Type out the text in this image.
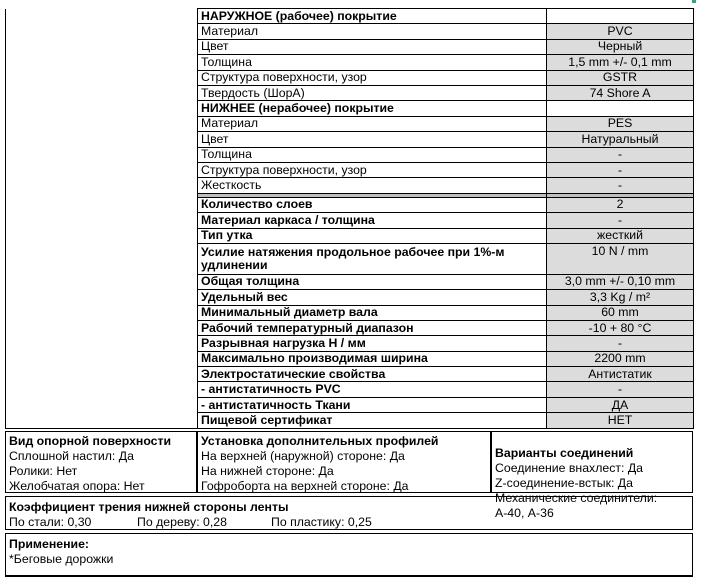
	НАРУЖНОЕ (рабочее) покрытие	
	Материал	PVC
	Цвет	Черный
	Толщина	1,5 mm +/- 0,1 mm
	Структура поверхности, узор	GSTR
	Твердость (ШорА)	74 Shore A
	НИЖНЕЕ (нерабочее) покрытие	
	Материал	PES
	Цвет	Натуральный
	Толщина	-
	Структура поверхности, узор	-
	Жесткость	-

	Количество слоев	2
	Материал каркаса / толщина	-
	Тип утка	жесткий
	Усилие натяжения продольное рабочее при 1%-м удлинении	10 N / mm
	Общая толщина	3,0 mm +/- 0,10 mm
	Удельный вес	3,3 Kg / m²
	Минимальный диаметр вала	60 mm
	Рабочий температурный диапазон	-10 + 80 °C
	Разрывная нагрузка Н / мм	-
	Максимально производимая ширина	2200 mm
	Электростатические свойства	Антистатик
	- антистатичность PVC	-
	- антистатичность Ткани	ДА
	Пищевой сертификат	НЕТ
Вид опорной поверхности
Сплошной настил: Да
Ролики: Нет
Желобчатая опора: Нет
Установка дополнительных профилей
На верхней (наружной) стороне: Да
На нижней стороне: Да
Гофроборта на верхней стороне: Да
Варианты соединений
Соединение внахлест: Да
Z-соединение-встык: Да
Механические соединители: А-40, А-36
Коэффициент трения нижней стороны ленты
По стали: 0,30	По дереву: 0,28	По пластику: 0,25
Применение:
*Беговые дорожки
